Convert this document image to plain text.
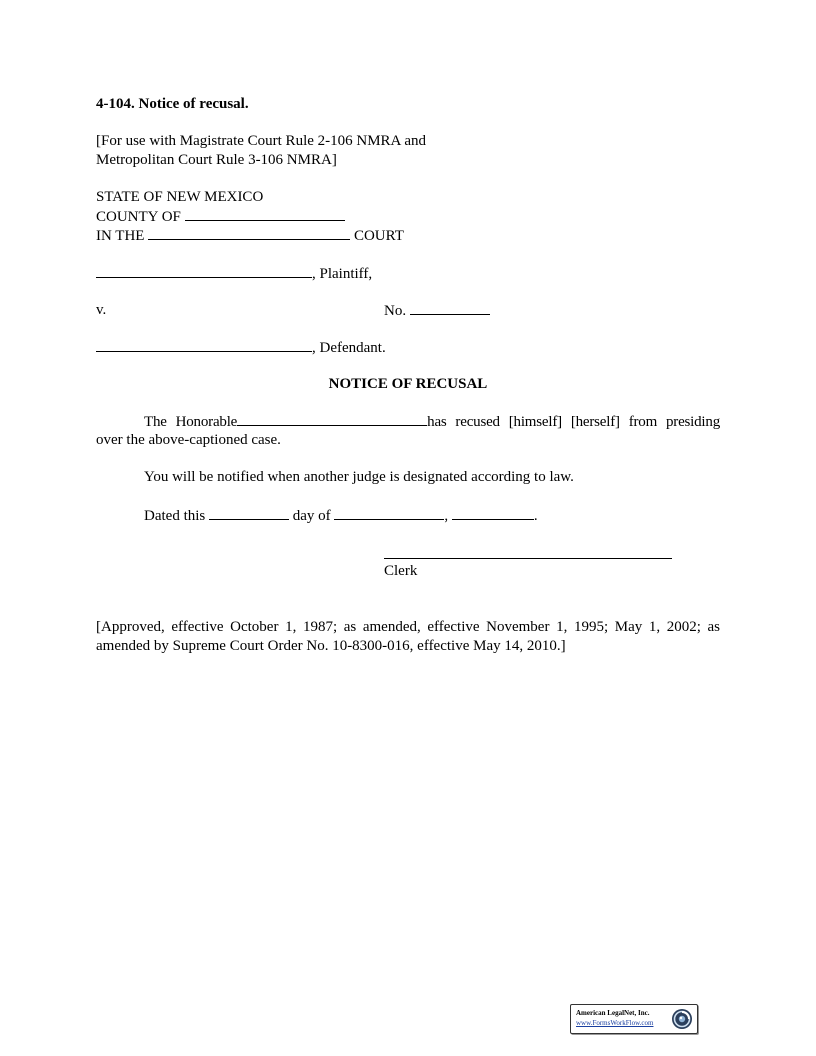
4-104. Notice of recusal.
[For use with Magistrate Court Rule 2-106 NMRA and
Metropolitan Court Rule 3-106 NMRA]
STATE OF NEW MEXICO
COUNTY OF
IN THE	COURT
, Plaintiff,
v.	No.
, Defendant.
NOTICE OF RECUSAL
The Honorable	has recused [himself] [herself] from presiding
over the above-captioned case.
You will be notified when another judge is designated according to law.
Dated this	day of	,	.
Clerk
[Approved, effective October 1, 1987; as amended, effective November 1, 1995; May 1, 2002; as
amended by Supreme Court Order No. 10-8300-016, effective May 14, 2010.]
American LegalNet, Inc.
www.FormsWorkFlow.com
